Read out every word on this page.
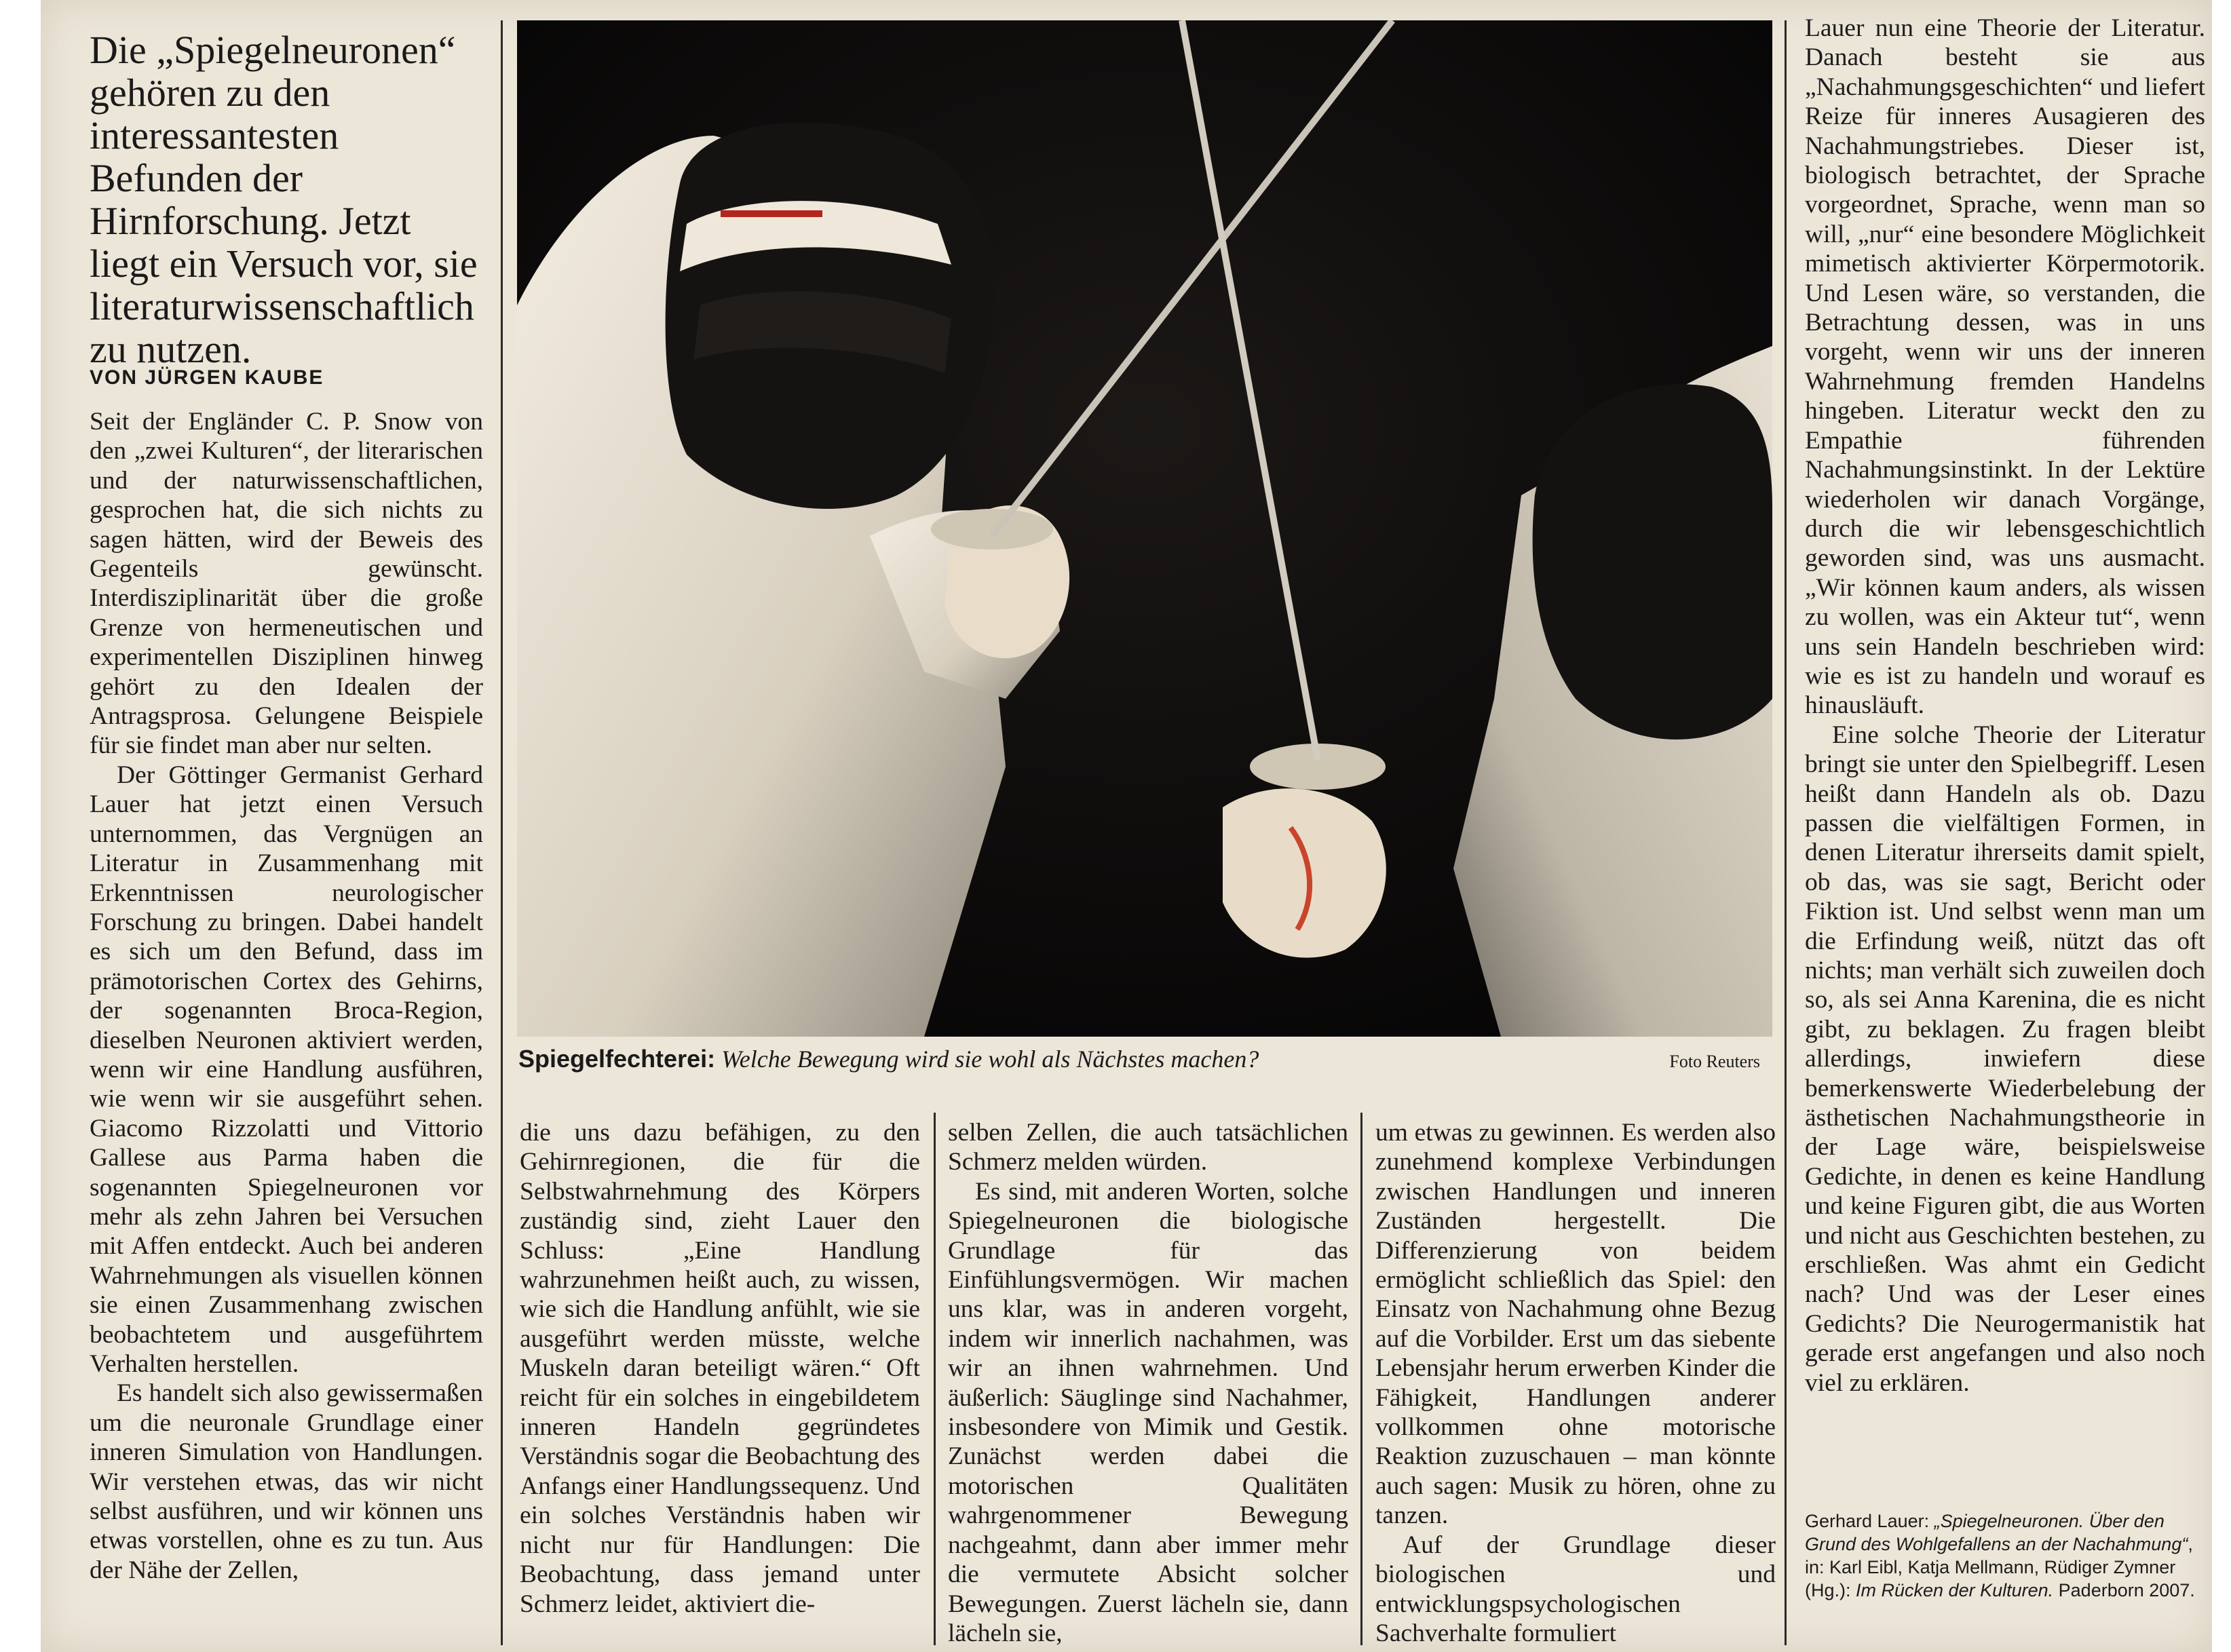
Die „Spiegelneuronen“ gehören zu den interessantesten Befunden der Hirnforschung. Jetzt liegt ein Versuch vor, sie literaturwissenschaftlich zu nutzen.
VON JÜRGEN KAUBE

Seit der Engländer C. P. Snow von den „zwei Kulturen“, der literarischen und der naturwissenschaftlichen, gesprochen hat, die sich nichts zu sagen hätten, wird der Beweis des Gegenteils gewünscht. Interdisziplinarität über die große Grenze von hermeneutischen und experimentellen Disziplinen hinweg gehört zu den Idealen der Antragsprosa. Gelungene Beispiele für sie findet man aber nur selten.

Der Göttinger Germanist Gerhard Lauer hat jetzt einen Versuch unternommen, das Vergnügen an Literatur in Zusammenhang mit Erkenntnissen neurologischer Forschung zu bringen. Dabei handelt es sich um den Befund, dass im prämotorischen Cortex des Gehirns, der sogenannten Broca-Region, dieselben Neuronen aktiviert werden, wenn wir eine Handlung ausführen, wie wenn wir sie ausgeführt sehen. Giacomo Rizzolatti und Vittorio Gallese aus Parma haben die sogenannten Spiegelneuronen vor mehr als zehn Jahren bei Versuchen mit Affen entdeckt. Auch bei anderen Wahrnehmungen als visuellen können sie einen Zusammenhang zwischen beobachtetem und ausgeführtem Verhalten herstellen.

Es handelt sich also gewissermaßen um die neuronale Grundlage einer inneren Simulation von Handlungen. Wir verstehen etwas, das wir nicht selbst ausführen, und wir können uns etwas vorstellen, ohne es zu tun. Aus der Nähe der Zellen,

Spiegelfechterei: Welche Bewegung wird sie wohl als Nächstes machen?	Foto Reuters

die uns dazu befähigen, zu den Gehirnregionen, die für die Selbstwahrnehmung des Körpers zuständig sind, zieht Lauer den Schluss: „Eine Handlung wahrzunehmen heißt auch, zu wissen, wie sich die Handlung anfühlt, wie sie ausgeführt werden müsste, welche Muskeln daran beteiligt wären.“ Oft reicht für ein solches in eingebildetem inneren Handeln gegründetes Verständnis sogar die Beobachtung des Anfangs einer Handlungssequenz. Und ein solches Verständnis haben wir nicht nur für Handlungen: Die Beobachtung, dass jemand unter Schmerz leidet, aktiviert die-

selben Zellen, die auch tatsächlichen Schmerz melden würden.

Es sind, mit anderen Worten, solche Spiegelneuronen die biologische Grundlage für das Einfühlungsvermögen. Wir machen uns klar, was in anderen vorgeht, indem wir innerlich nachahmen, was wir an ihnen wahrnehmen. Und äußerlich: Säuglinge sind Nachahmer, insbesondere von Mimik und Gestik. Zunächst werden dabei die motorischen Qualitäten wahrgenommener Bewegung nachgeahmt, dann aber immer mehr die vermutete Absicht solcher Bewegungen. Zuerst lächeln sie, dann lächeln sie,

um etwas zu gewinnen. Es werden also zunehmend komplexe Verbindungen zwischen Handlungen und inneren Zuständen hergestellt. Die Differenzierung von beidem ermöglicht schließlich das Spiel: den Einsatz von Nachahmung ohne Bezug auf die Vorbilder. Erst um das siebente Lebensjahr herum erwerben Kinder die Fähigkeit, Handlungen anderer vollkommen ohne motorische Reaktion zuzuschauen – man könnte auch sagen: Musik zu hören, ohne zu tanzen.

Auf der Grundlage dieser biologischen und entwicklungspsychologischen Sachverhalte formuliert

Lauer nun eine Theorie der Literatur. Danach besteht sie aus „Nachahmungsgeschichten“ und liefert Reize für inneres Ausagieren des Nachahmungstriebes. Dieser ist, biologisch betrachtet, der Sprache vorgeordnet, Sprache, wenn man so will, „nur“ eine besondere Möglichkeit mimetisch aktivierter Körpermotorik. Und Lesen wäre, so verstanden, die Betrachtung dessen, was in uns vorgeht, wenn wir uns der inneren Wahrnehmung fremden Handelns hingeben. Literatur weckt den zu Empathie führenden Nachahmungsinstinkt. In der Lektüre wiederholen wir danach Vorgänge, durch die wir lebensgeschichtlich geworden sind, was uns ausmacht. „Wir können kaum anders, als wissen zu wollen, was ein Akteur tut“, wenn uns sein Handeln beschrieben wird: wie es ist zu handeln und worauf es hinausläuft.

Eine solche Theorie der Literatur bringt sie unter den Spielbegriff. Lesen heißt dann Handeln als ob. Dazu passen die vielfältigen Formen, in denen Literatur ihrerseits damit spielt, ob das, was sie sagt, Bericht oder Fiktion ist. Und selbst wenn man um die Erfindung weiß, nützt das oft nichts; man verhält sich zuweilen doch so, als sei Anna Karenina, die es nicht gibt, zu beklagen. Zu fragen bleibt allerdings, inwiefern diese bemerkenswerte Wiederbelebung der ästhetischen Nachahmungstheorie in der Lage wäre, beispielsweise Gedichte, in denen es keine Handlung und keine Figuren gibt, die aus Worten und nicht aus Geschichten bestehen, zu erschließen. Was ahmt ein Gedicht nach? Und was der Leser eines Gedichts? Die Neurogermanistik hat gerade erst angefangen und also noch viel zu erklären.

Gerhard Lauer: „Spiegelneuronen. Über den Grund des Wohlgefallens an der Nachahmung“, in: Karl Eibl, Katja Mellmann, Rüdiger Zymner (Hg.): Im Rücken der Kulturen. Paderborn 2007.
